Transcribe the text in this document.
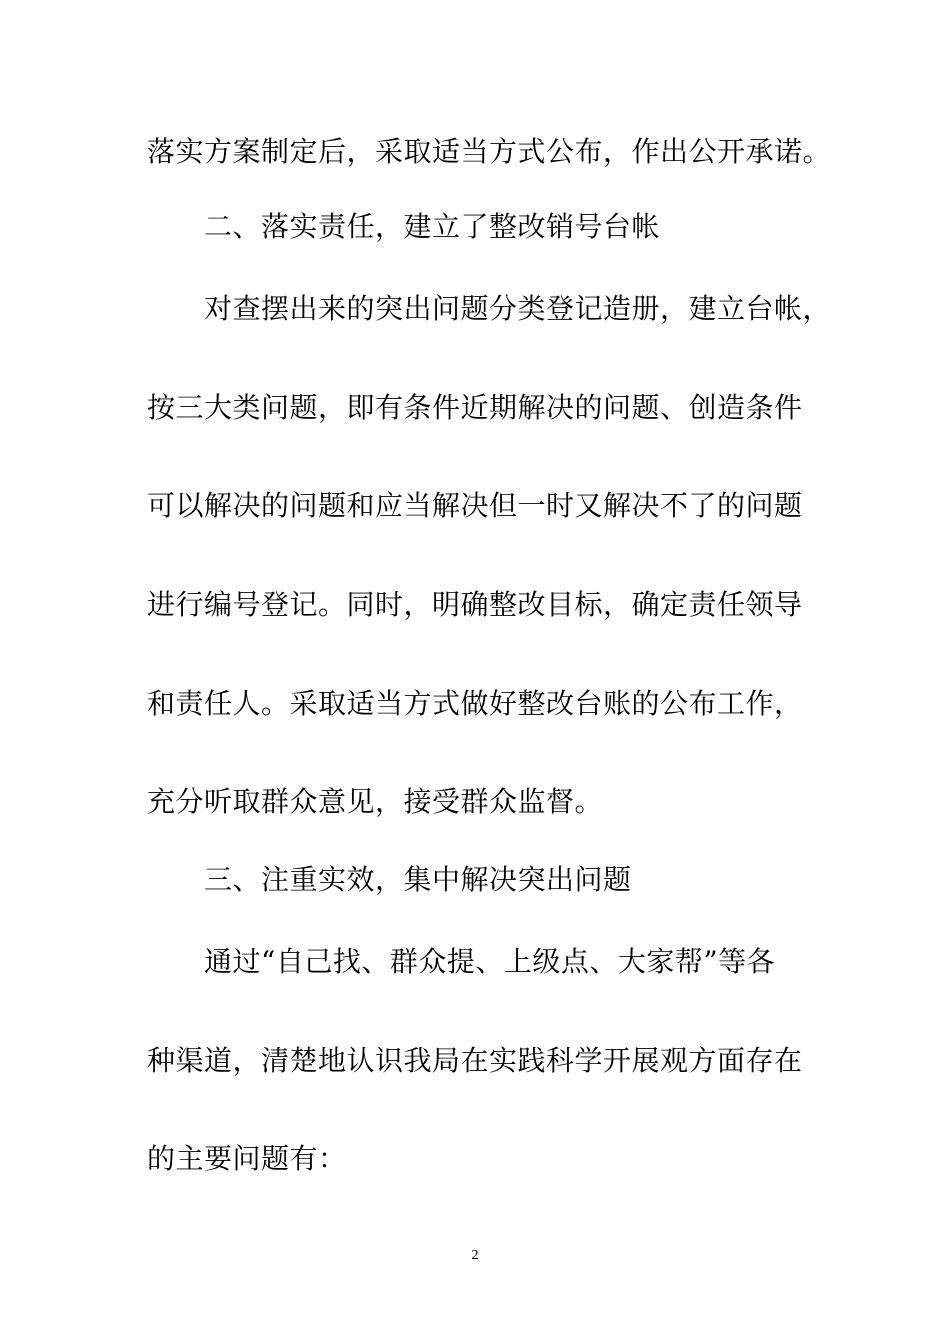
落实方案制定后，采取适当方式公布，作出公开承诺。
二、落实责任，建立了整改销号台帐
对查摆出来的突出问题分类登记造册，建立台帐，
按三大类问题，即有条件近期解决的问题、创造条件
可以解决的问题和应当解决但一时又解决不了的问题
进行编号登记。同时，明确整改目标，确定责任领导
和责任人。采取适当方式做好整改台账的公布工作，
充分听取群众意见，接受群众监督。
三、注重实效，集中解决突出问题
通过“自己找、群众提、上级点、大家帮”等各
种渠道，清楚地认识我局在实践科学开展观方面存在
的主要问题有：
2
